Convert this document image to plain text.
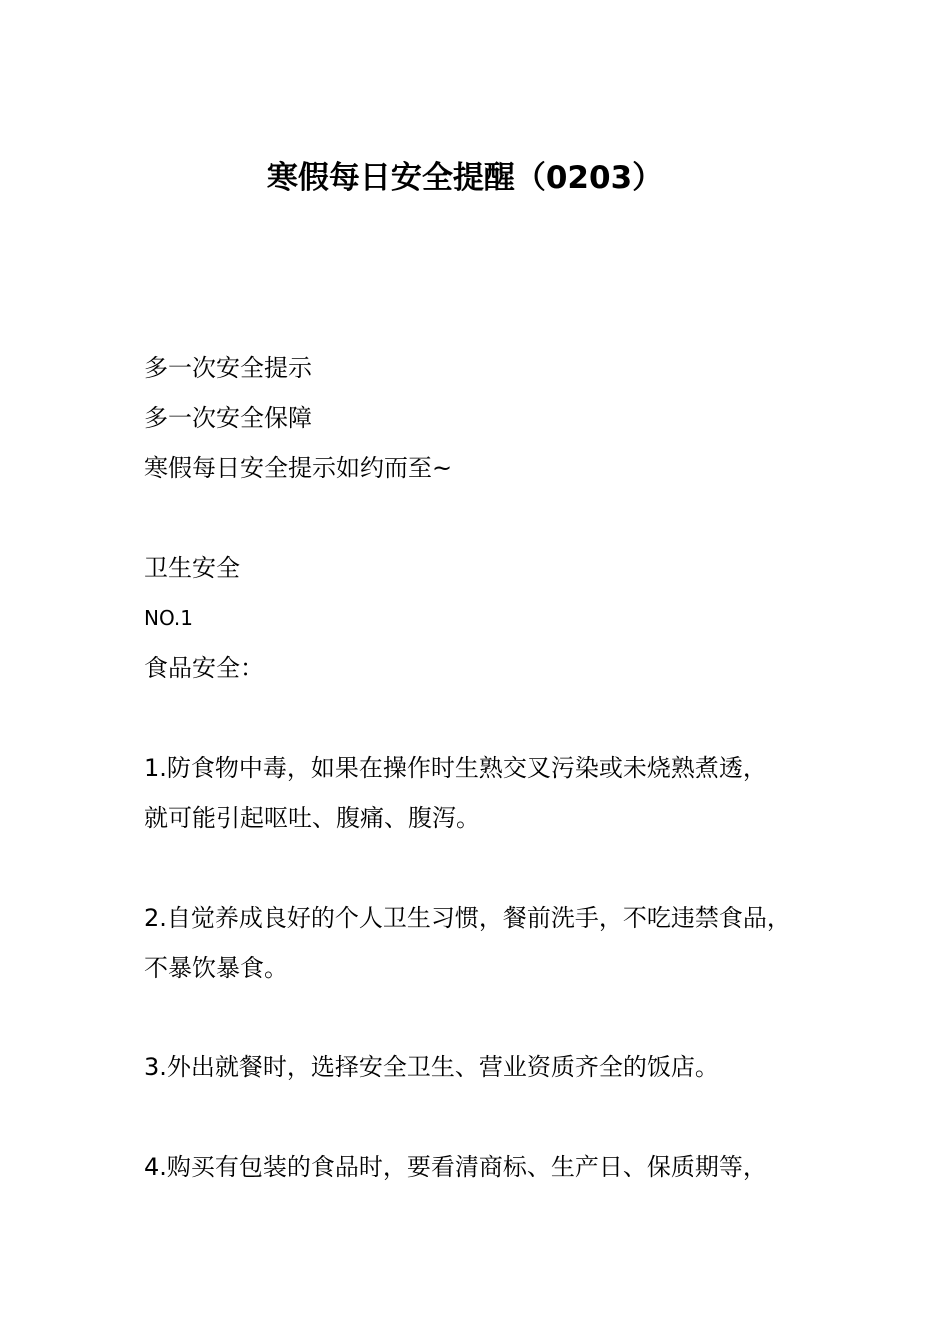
寒假每日安全提醒（0203）
多一次安全提示
多一次安全保障
寒假每日安全提示如约而至~
卫生安全
NO.1
食品安全：
1.防食物中毒，如果在操作时生熟交叉污染或未烧熟煮透，
就可能引起呕吐、腹痛、腹泻。
2.自觉养成良好的个人卫生习惯，餐前洗手，不吃违禁食品，
不暴饮暴食。
3.外出就餐时，选择安全卫生、营业资质齐全的饭店。
4.购买有包装的食品时，要看清商标、生产日、保质期等，
